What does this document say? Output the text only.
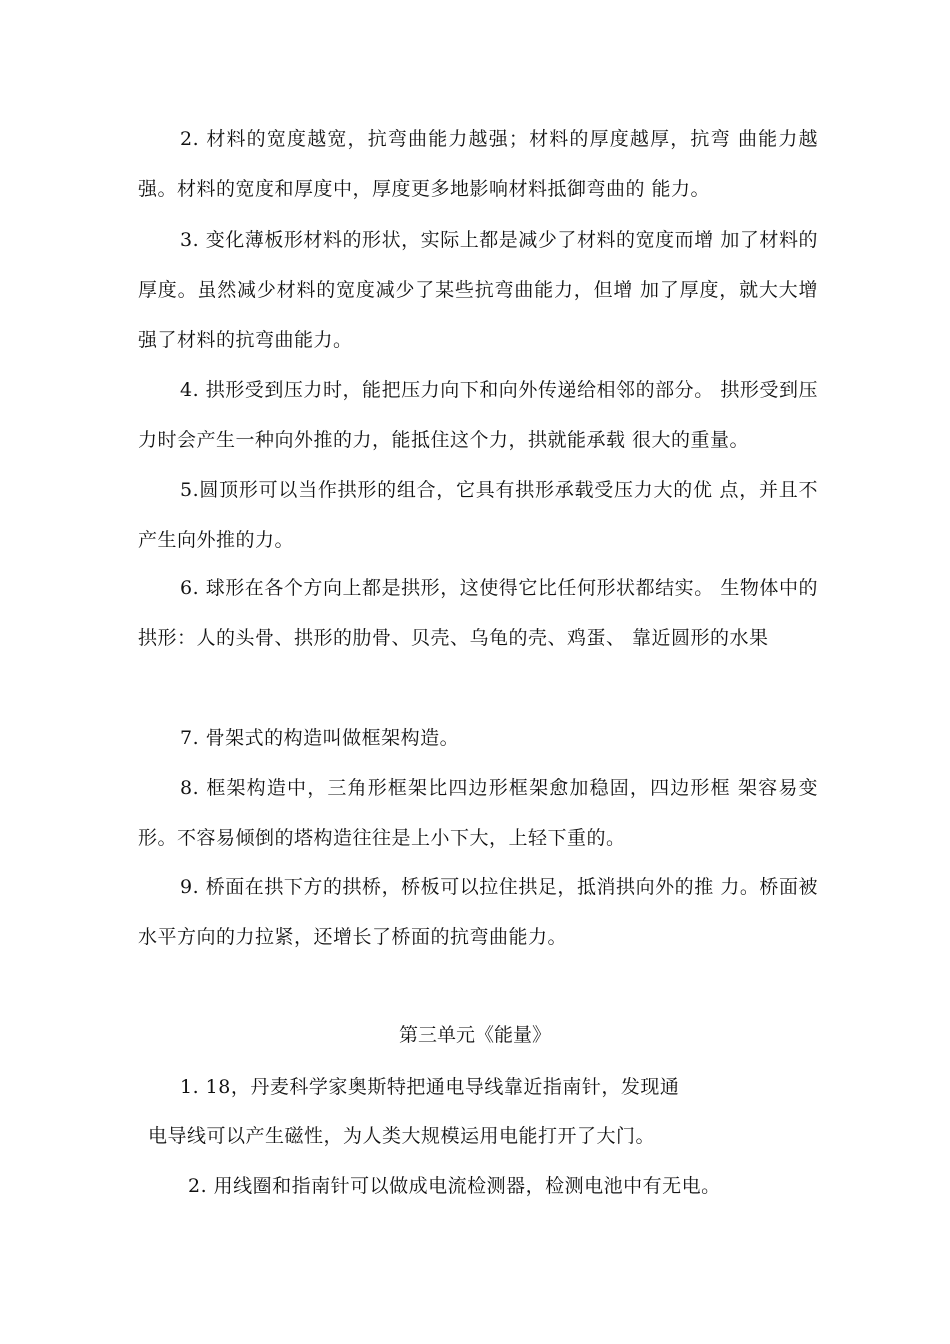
2. 材料的宽度越宽，抗弯曲能力越强；材料的厚度越厚，抗弯 曲能力越强。材料的宽度和厚度中，厚度更多地影响材料抵御弯曲的 能力。

3. 变化薄板形材料的形状，实际上都是减少了材料的宽度而增 加了材料的厚度。虽然减少材料的宽度减少了某些抗弯曲能力，但增 加了厚度，就大大增强了材料的抗弯曲能力。

4. 拱形受到压力时，能把压力向下和向外传递给相邻的部分。 拱形受到压力时会产生一种向外推的力，能抵住这个力，拱就能承载 很大的重量。

5.圆顶形可以当作拱形的组合，它具有拱形承载受压力大的优 点，并且不产生向外推的力。

6. 球形在各个方向上都是拱形，这使得它比任何形状都结实。 生物体中的拱形：人的头骨、拱形的肋骨、贝壳、乌龟的壳、鸡蛋、 靠近圆形的水果

7. 骨架式的构造叫做框架构造。

8. 框架构造中，三角形框架比四边形框架愈加稳固，四边形框 架容易变形。不容易倾倒的塔构造往往是上小下大，上轻下重的。

9. 桥面在拱下方的拱桥，桥板可以拉住拱足，抵消拱向外的推 力。桥面被水平方向的力拉紧，还增长了桥面的抗弯曲能力。

第三单元《能量》

1. 18，丹麦科学家奥斯特把通电导线靠近指南针，发现通

电导线可以产生磁性，为人类大规模运用电能打开了大门。

2. 用线圈和指南针可以做成电流检测器，检测电池中有无电。
